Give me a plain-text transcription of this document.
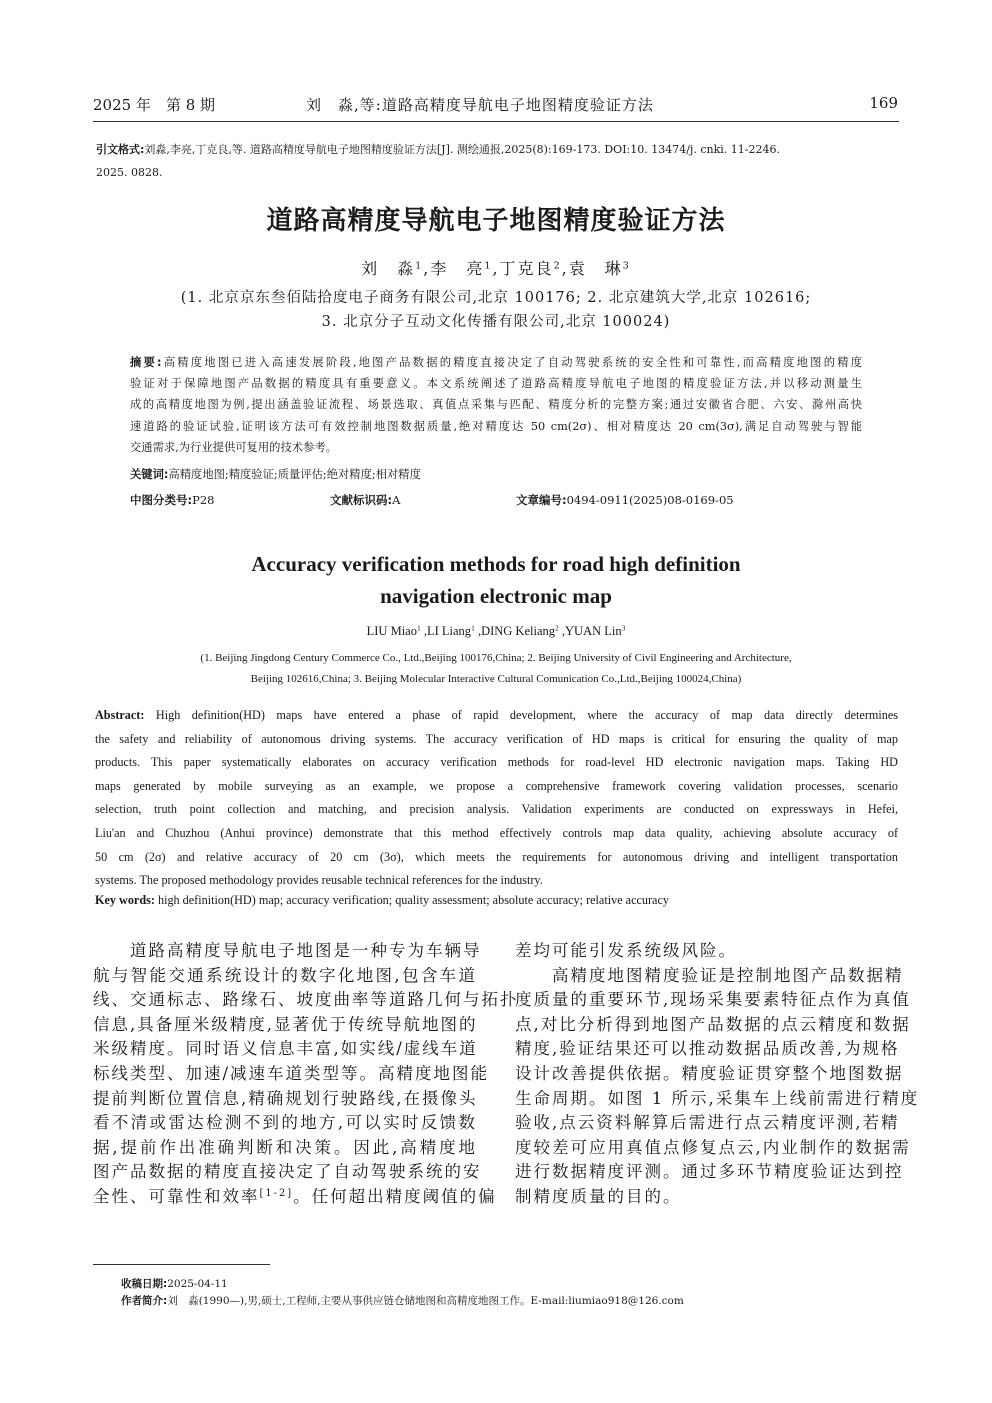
2025 年　第 8 期	刘　淼,等:道路高精度导航电子地图精度验证方法	169
引文格式:刘淼,李亮,丁克良,等. 道路高精度导航电子地图精度验证方法[J]. 测绘通报,2025(8):169-173. DOI:10. 13474/j. cnki. 11-2246.
2025. 0828.
道路高精度导航电子地图精度验证方法
刘　淼$^1$,李　亮$^1$,丁克良$^2$,袁　琳$^3$
(1. 北京京东叁佰陆拾度电子商务有限公司,北京 100176; 2. 北京建筑大学,北京 102616;
3. 北京分子互动文化传播有限公司,北京 100024)
摘要:高精度地图已进入高速发展阶段,地图产品数据的精度直接决定了自动驾驶系统的安全性和可靠性,而高精度地图的精度
验证对于保障地图产品数据的精度具有重要意义。本文系统阐述了道路高精度导航电子地图的精度验证方法,并以移动测量生
成的高精度地图为例,提出涵盖验证流程、场景选取、真值点采集与匹配、精度分析的完整方案;通过安徽省合肥、六安、滁州高快
速道路的验证试验,证明该方法可有效控制地图数据质量,绝对精度达 50 cm(2σ)、相对精度达 20 cm(3σ),满足自动驾驶与智能
交通需求,为行业提供可复用的技术参考。
关键词:高精度地图;精度验证;质量评估;绝对精度;相对精度
中图分类号:P28	文献标识码:A	文章编号:0494-0911(2025)08-0169-05
Accuracy verification methods for road high definition
navigation electronic map
LIU Miao$^1$ ,LI Liang$^1$ ,DING Keliang$^2$ ,YUAN Lin$^3$
(1. Beijing Jingdong Century Commerce Co., Ltd.,Beijing 100176,China; 2. Beijing University of Civil Engineering and Architecture,
Beijing 102616,China; 3. Beijing Molecular Interactive Cultural Comunication Co.,Ltd.,Beijing 100024,China)
Abstract: High definition(HD) maps have entered a phase of rapid development, where the accuracy of map data directly determines
the safety and reliability of autonomous driving systems. The accuracy verification of HD maps is critical for ensuring the quality of map
products. This paper systematically elaborates on accuracy verification methods for road-level HD electronic navigation maps. Taking HD
maps generated by mobile surveying as an example, we propose a comprehensive framework covering validation processes, scenario
selection, truth point collection and matching, and precision analysis. Validation experiments are conducted on expressways in Hefei,
Liu'an and Chuzhou (Anhui province) demonstrate that this method effectively controls map data quality, achieving absolute accuracy of
50 cm (2σ) and relative accuracy of 20 cm (3σ), which meets the requirements for autonomous driving and intelligent transportation
systems. The proposed methodology provides reusable technical references for the industry.
Key words: high definition(HD) map; accuracy verification; quality assessment; absolute accuracy; relative accuracy
　　道路高精度导航电子地图是一种专为车辆导
航与智能交通系统设计的数字化地图,包含车道
线、交通标志、路缘石、坡度曲率等道路几何与拓扑
信息,具备厘米级精度,显著优于传统导航地图的
米级精度。同时语义信息丰富,如实线/虚线车道
标线类型、加速/减速车道类型等。高精度地图能
提前判断位置信息,精确规划行驶路线,在摄像头
看不清或雷达检测不到的地方,可以实时反馈数
据,提前作出准确判断和决策。因此,高精度地
图产品数据的精度直接决定了自动驾驶系统的安
全性、可靠性和效率[1-2]。任何超出精度阈值的偏
差均可能引发系统级风险。
　　高精度地图精度验证是控制地图产品数据精
度质量的重要环节,现场采集要素特征点作为真值
点,对比分析得到地图产品数据的点云精度和数据
精度,验证结果还可以推动数据品质改善,为规格
设计改善提供依据。精度验证贯穿整个地图数据
生命周期。如图 1 所示,采集车上线前需进行精度
验收,点云资料解算后需进行点云精度评测,若精
度较差可应用真值点修复点云,内业制作的数据需
进行数据精度评测。通过多环节精度验证达到控
制精度质量的目的。
收稿日期:2025-04-11
作者简介:刘　淼(1990—),男,硕士,工程师,主要从事供应链仓储地图和高精度地图工作。E-mail:liumiao918@126.com
